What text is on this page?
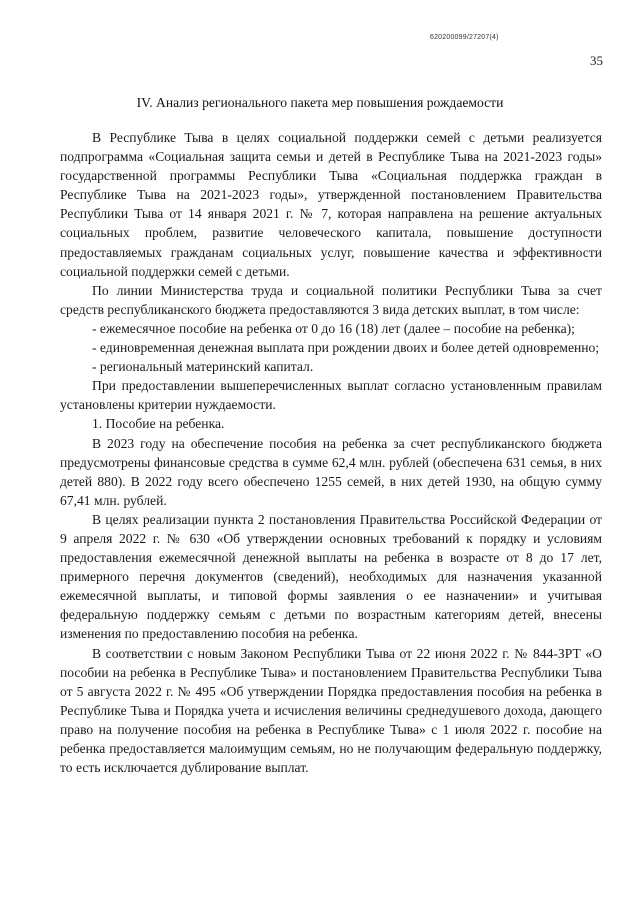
620200099/27207(4)
35
IV. Анализ регионального пакета мер повышения рождаемости

В Республике Тыва в целях социальной поддержки семей с детьми реализуется подпрограмма «Социальная защита семьи и детей в Республике Тыва на 2021-2023 годы» государственной программы Республики Тыва «Социальная поддержка граждан в Республике Тыва на 2021-2023 годы», утвержденной постановлением Правительства Республики Тыва от 14 января 2021 г. № 7, которая направлена на решение актуальных социальных проблем, развитие человеческого капитала, повышение доступности предоставляемых гражданам социальных услуг, повышение качества и эффективности социальной поддержки семей с детьми.

По линии Министерства труда и социальной политики Республики Тыва за счет средств республиканского бюджета предоставляются 3 вида детских выплат, в том числе:

- ежемесячное пособие на ребенка от 0 до 16 (18) лет (далее – пособие на ребенка);

- единовременная денежная выплата при рождении двоих и более детей одновременно;

- региональный материнский капитал.

При предоставлении вышеперечисленных выплат согласно установленным правилам установлены критерии нуждаемости.

1. Пособие на ребенка.

В 2023 году на обеспечение пособия на ребенка за счет республиканского бюджета предусмотрены финансовые средства в сумме 62,4 млн. рублей (обеспечена 631 семья, в них детей 880). В 2022 году всего обеспечено 1255 семей, в них детей 1930, на общую сумму 67,41 млн. рублей.

В целях реализации пункта 2 постановления Правительства Российской Федерации от 9 апреля 2022 г. № 630 «Об утверждении основных требований к порядку и условиям предоставления ежемесячной денежной выплаты на ребенка в возрасте от 8 до 17 лет, примерного перечня документов (сведений), необходимых для назначения указанной ежемесячной выплаты, и типовой формы заявления о ее назначении» и учитывая федеральную поддержку семьям с детьми по возрастным категориям детей, внесены изменения по предоставлению пособия на ребенка.

В соответствии с новым Законом Республики Тыва от 22 июня 2022 г. № 844-ЗРТ «О пособии на ребенка в Республике Тыва» и постановлением Правительства Республики Тыва от 5 августа 2022 г. № 495 «Об утверждении Порядка предоставления пособия на ребенка в Республике Тыва и Порядка учета и исчисления величины среднедушевого дохода, дающего право на получение пособия на ребенка в Республике Тыва» с 1 июля 2022 г. пособие на ребенка предоставляется малоимущим семьям, но не получающим федеральную поддержку, то есть исключается дублирование выплат.
